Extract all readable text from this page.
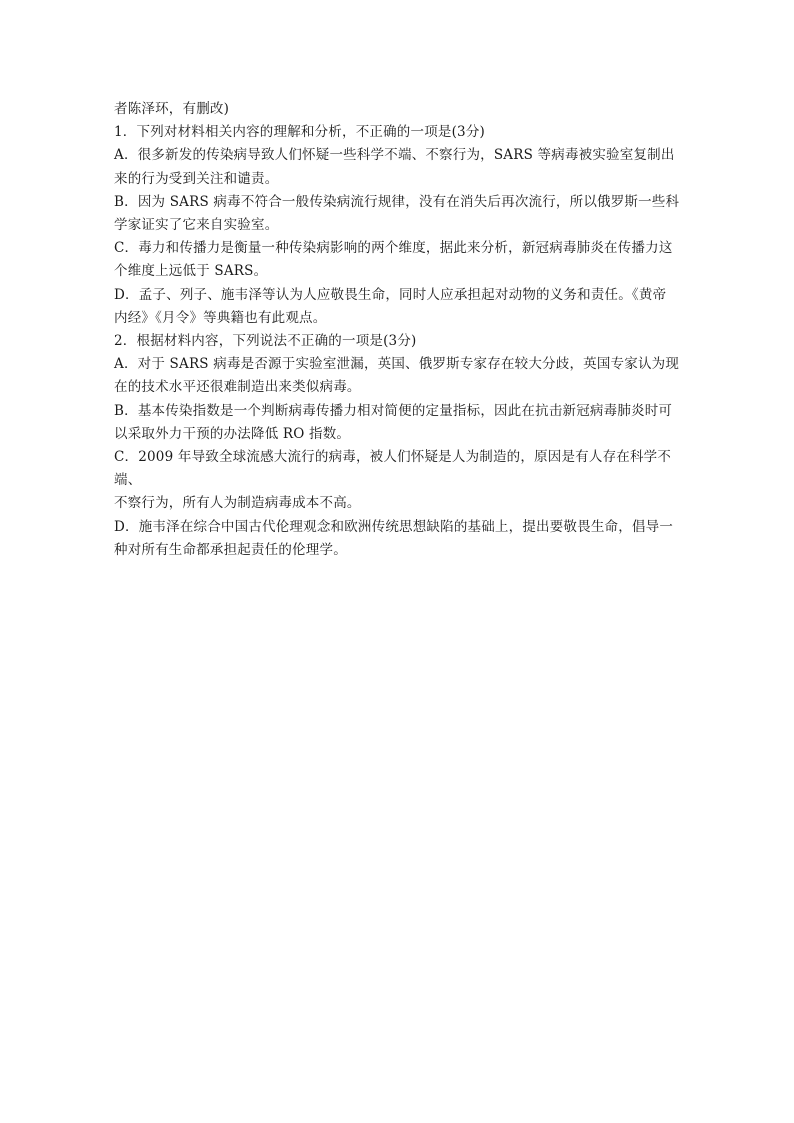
者陈泽环，有删改)
1．下列对材料相关内容的理解和分析，不正确的一项是(3分)
A．很多新发的传染病导致人们怀疑一些科学不端、不察行为，SARS 等病毒被实验室复制出
来的行为受到关注和谴责。
B．因为 SARS 病毒不符合一般传染病流行规律，没有在消失后再次流行，所以俄罗斯一些科
学家证实了它来自实验室。
C．毒力和传播力是衡量一种传染病影响的两个维度，据此来分析，新冠病毒肺炎在传播力这
个维度上远低于 SARS。
D．孟子、列子、施韦泽等认为人应敬畏生命，同时人应承担起对动物的义务和责任。《黄帝
内经》《月令》等典籍也有此观点。
2．根据材料内容，下列说法不正确的一项是(3分)
A．对于 SARS 病毒是否源于实验室泄漏，英国、俄罗斯专家存在较大分歧，英国专家认为现
在的技术水平还很难制造出来类似病毒。
B．基本传染指数是一个判断病毒传播力相对简便的定量指标，因此在抗击新冠病毒肺炎时可
以采取外力干预的办法降低 RO 指数。
C．2009 年导致全球流感大流行的病毒，被人们怀疑是人为制造的，原因是有人存在科学不端、
不察行为，所有人为制造病毒成本不高。
D．施韦泽在综合中国古代伦理观念和欧洲传统思想缺陷的基础上，提出要敬畏生命，倡导一
种对所有生命都承担起责任的伦理学。
